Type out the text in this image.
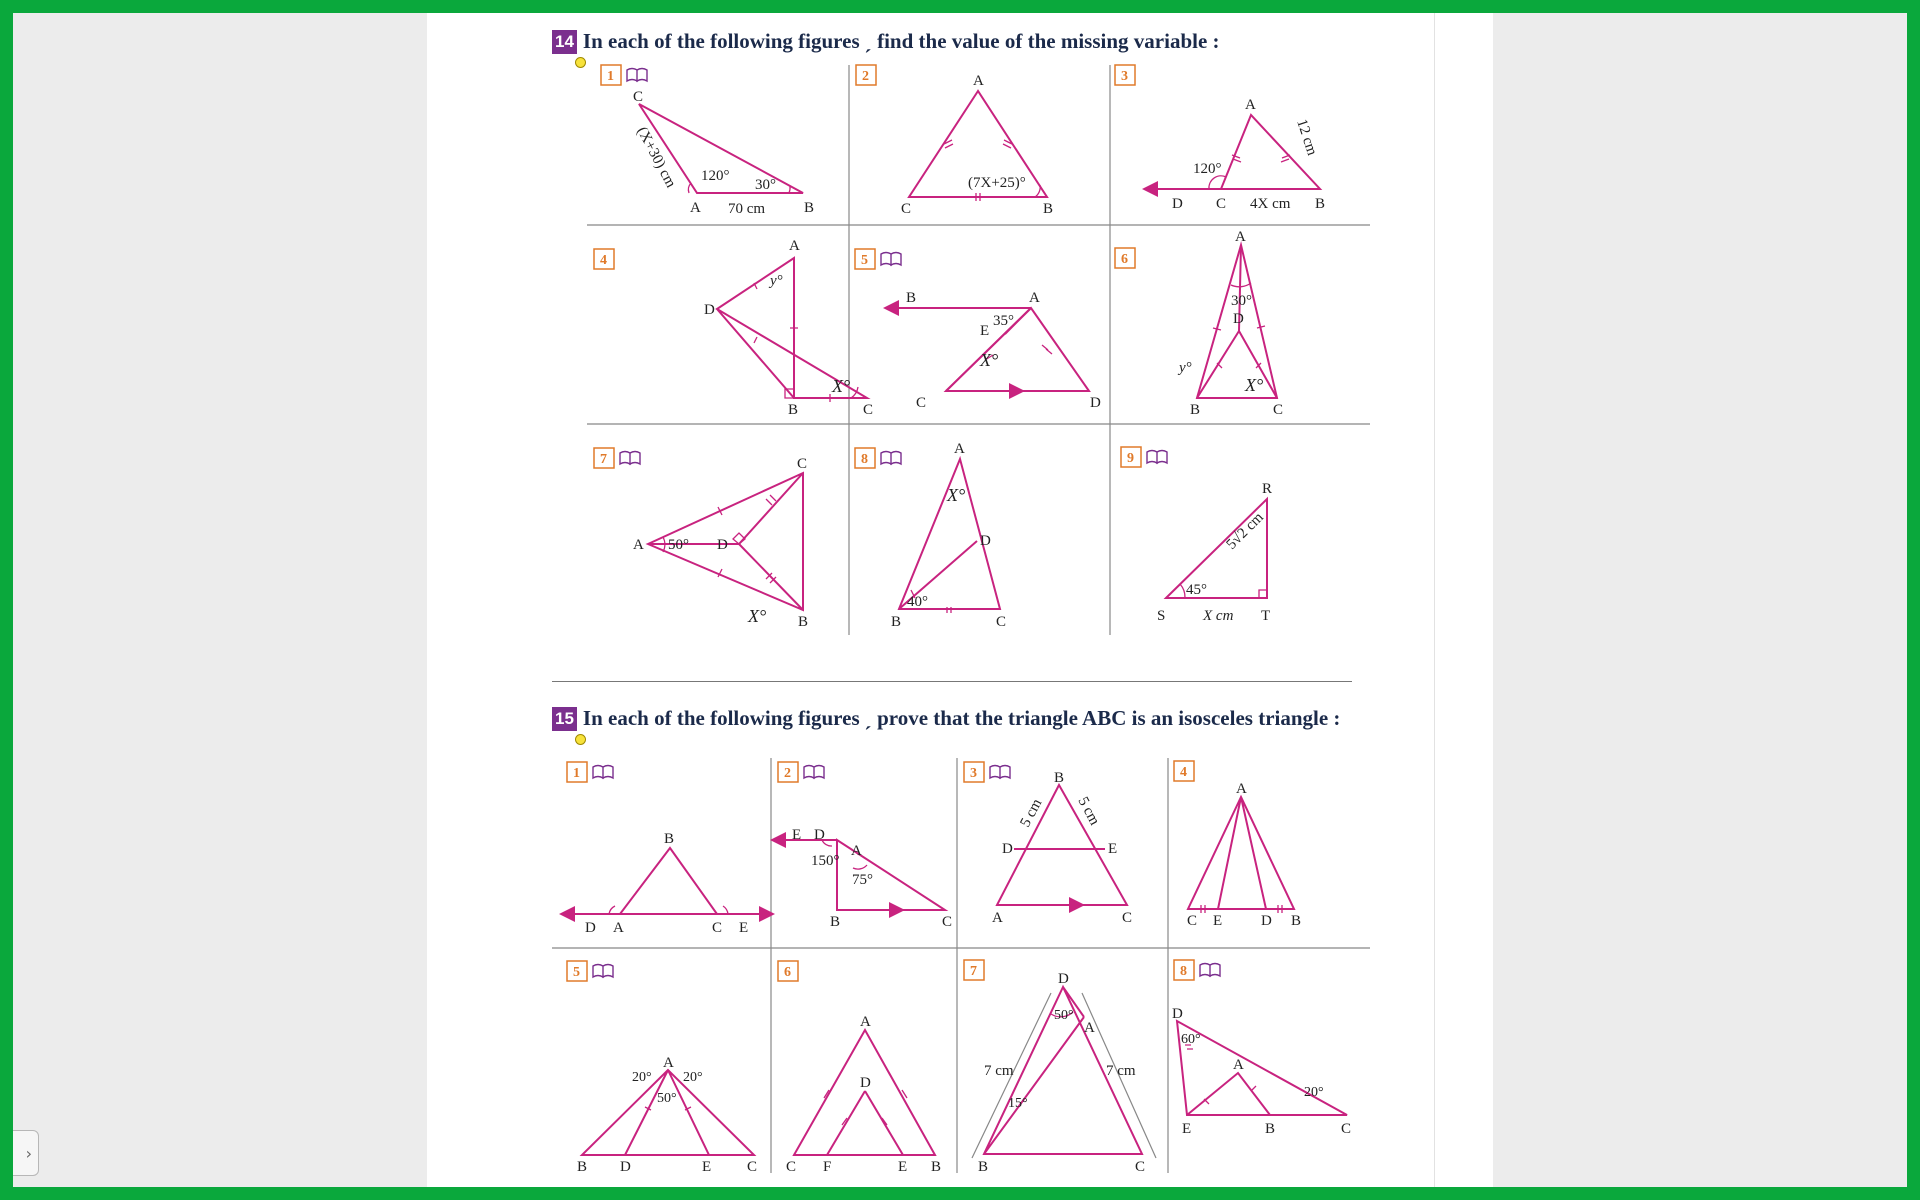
14 In each of the following figures ˏ find the value of the missing variable :
1	2	3
4	5	6
7	8	9
C
A	B
120°
30°
70 cm
(X+30) cm
A
C	B
(7X+25)°
A
D C	B
120°
4X cm
12 cm
A
D
B	C
y°
X°
B	A
E
35°
X°
C	D
A
30°
D
y°
X°
B	C
C
A 50° D
X° B
A
X°
D
40°
B	C
R
5√2 cm
45°
S	X cm T
15 In each of the following figures ˏ prove that the triangle ABC is an isosceles triangle :
1	2	3	4
5	6	7	8
B
D A	C E
E D
A
150°
75°
B	C
B
5 cm 5 cm
D	E
A	C
A
C E	D B
A
20° 20°
50°
B D	E C
A
D
C F	E B
D
50°
A
7 cm	7 cm
15°
B	C
D
60°
A
20°
E	B	C
›
